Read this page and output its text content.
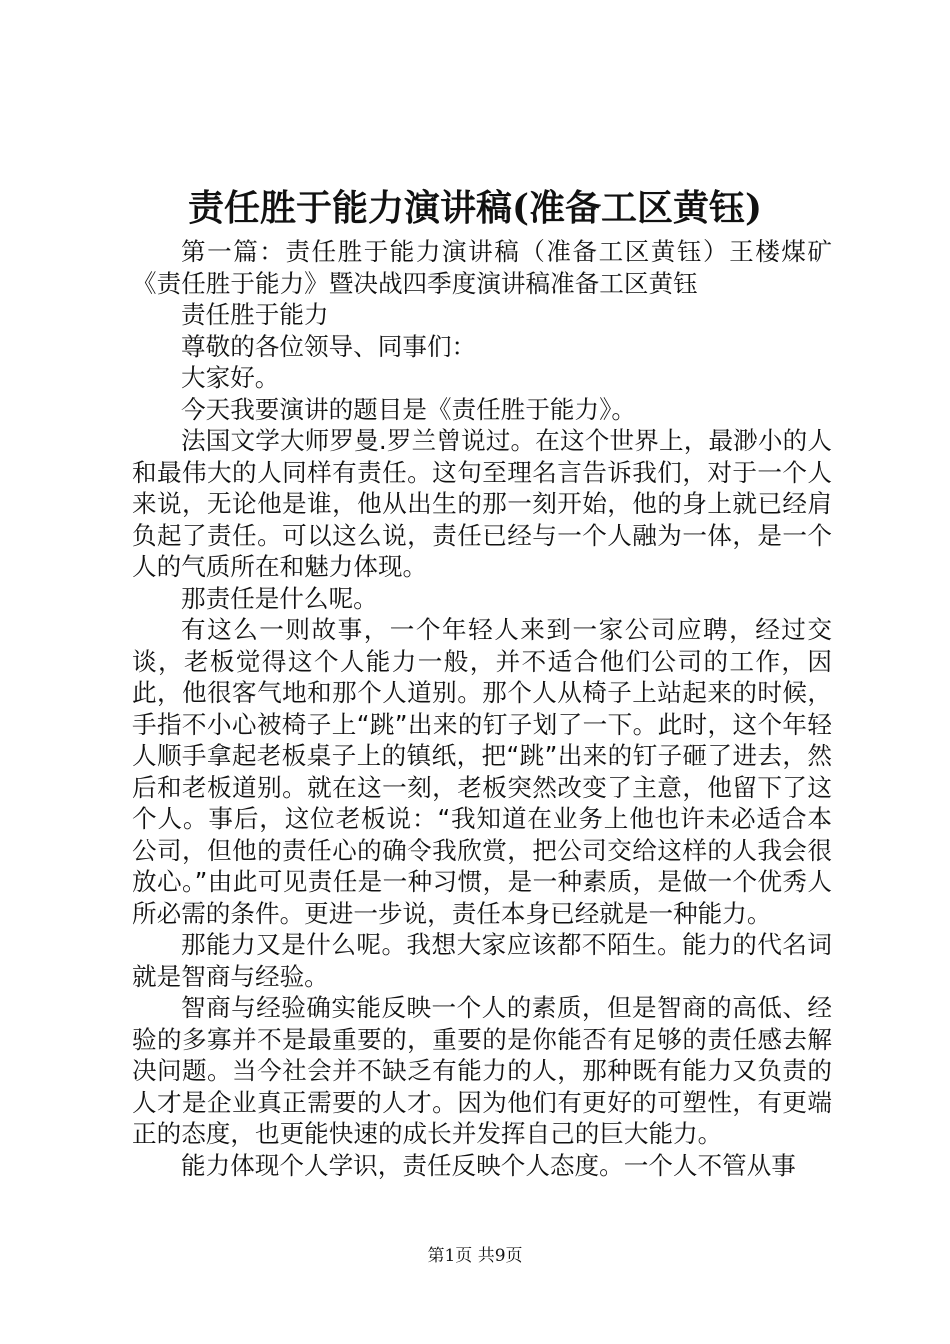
责任胜于能力演讲稿(准备工区黄钰)

第一篇：责任胜于能力演讲稿（准备工区黄钰）王楼煤矿《责任胜于能力》暨决战四季度演讲稿准备工区黄钰

责任胜于能力

尊敬的各位领导、同事们：

大家好。

今天我要演讲的题目是《责任胜于能力》。

法国文学大师罗曼.罗兰曾说过。在这个世界上，最渺小的人和最伟大的人同样有责任。这句至理名言告诉我们，对于一个人来说，无论他是谁，他从出生的那一刻开始，他的身上就已经肩负起了责任。可以这么说，责任已经与一个人融为一体，是一个人的气质所在和魅力体现。

那责任是什么呢。

有这么一则故事，一个年轻人来到一家公司应聘，经过交谈，老板觉得这个人能力一般，并不适合他们公司的工作，因此，他很客气地和那个人道别。那个人从椅子上站起来的时候，手指不小心被椅子上“跳”出来的钉子划了一下。此时，这个年轻人顺手拿起老板桌子上的镇纸，把“跳”出来的钉子砸了进去，然后和老板道别。就在这一刻，老板突然改变了主意，他留下了这个人。事后，这位老板说：“我知道在业务上他也许未必适合本公司，但他的责任心的确令我欣赏，把公司交给这样的人我会很放心。”由此可见责任是一种习惯，是一种素质，是做一个优秀人所必需的条件。更进一步说，责任本身已经就是一种能力。

那能力又是什么呢。我想大家应该都不陌生。能力的代名词就是智商与经验。

智商与经验确实能反映一个人的素质，但是智商的高低、经验的多寡并不是最重要的，重要的是你能否有足够的责任感去解决问题。当今社会并不缺乏有能力的人，那种既有能力又负责的人才是企业真正需要的人才。因为他们有更好的可塑性，有更端正的态度，也更能快速的成长并发挥自己的巨大能力。

能力体现个人学识，责任反映个人态度。一个人不管从事

第1页 共9页
